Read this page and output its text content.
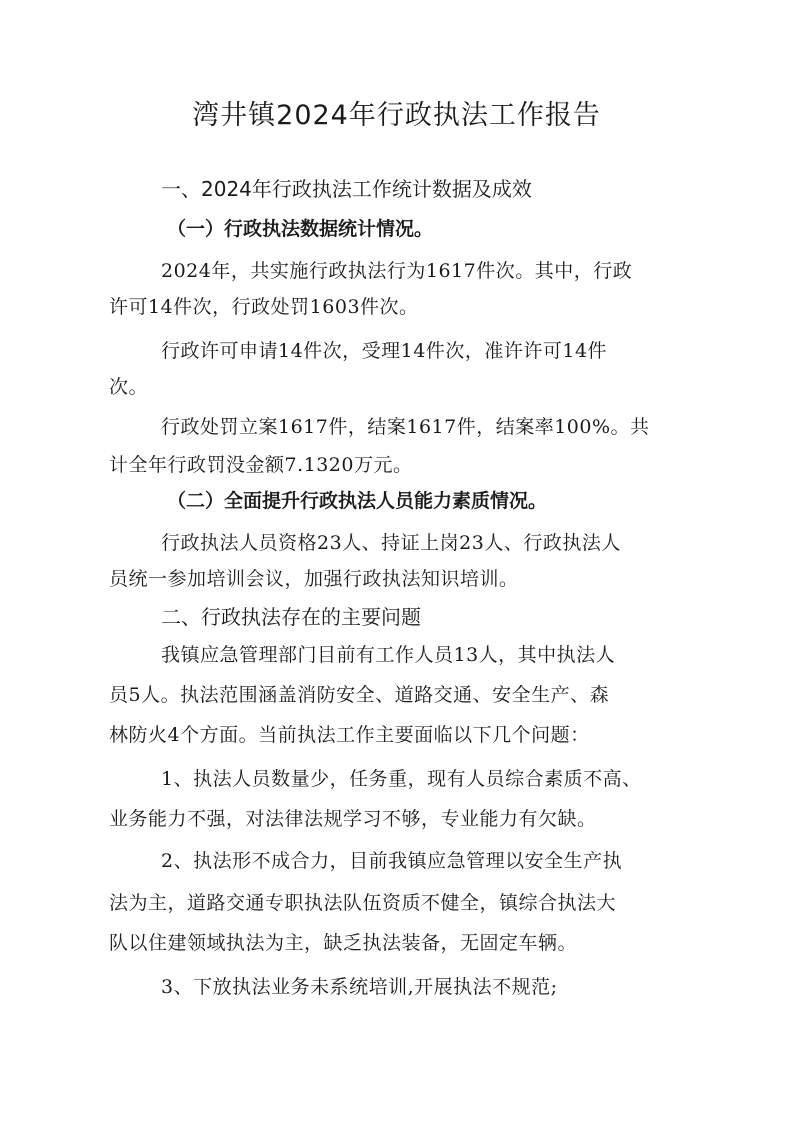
湾井镇2024年行政执法工作报告
一、2024年行政执法工作统计数据及成效
（一）行政执法数据统计情况。
2024年，共实施行政执法行为1617件次。其中，行政
许可14件次，行政处罚1603件次。
行政许可申请14件次，受理14件次，准许许可14件
次。
行政处罚立案1617件，结案1617件，结案率100%。共
计全年行政罚没金额7.1320万元。
（二）全面提升行政执法人员能力素质情况。
行政执法人员资格23人、持证上岗23人、行政执法人
员统一参加培训会议，加强行政执法知识培训。
二、行政执法存在的主要问题
我镇应急管理部门目前有工作人员13人，其中执法人
员5人。执法范围涵盖消防安全、道路交通、安全生产、森
林防火4个方面。当前执法工作主要面临以下几个问题：
1、执法人员数量少，任务重，现有人员综合素质不高、
业务能力不强，对法律法规学习不够，专业能力有欠缺。
2、执法形不成合力，目前我镇应急管理以安全生产执
法为主，道路交通专职执法队伍资质不健全，镇综合执法大
队以住建领域执法为主，缺乏执法装备，无固定车辆。
3、下放执法业务未系统培训,开展执法不规范;
